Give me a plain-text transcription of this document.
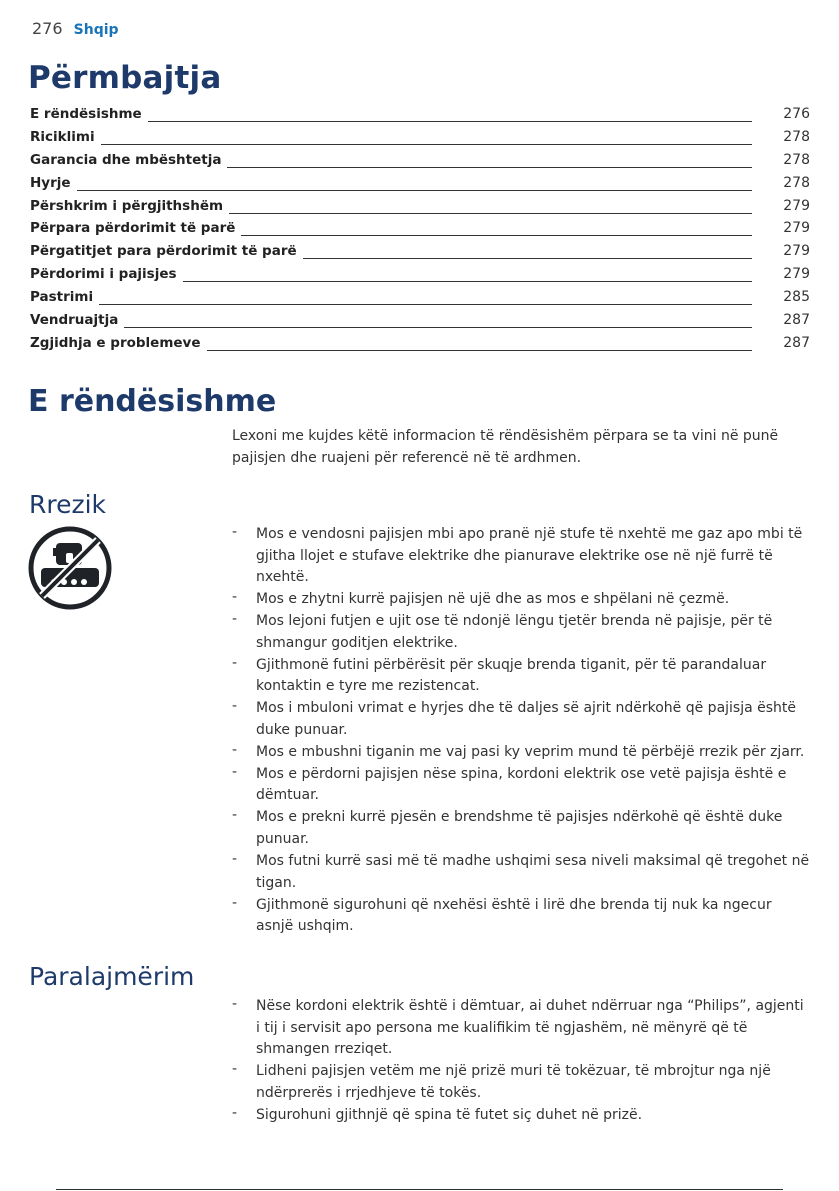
276 Shqip
Përmbajtja
E rëndësishme	276
Riciklimi	278
Garancia dhe mbështetja	278
Hyrje	278
Përshkrim i përgjithshëm	279
Përpara përdorimit të parë	279
Përgatitjet para përdorimit të parë	279
Përdorimi i pajisjes	279
Pastrimi	285
Vendruajtja	287
Zgjidhja e problemeve	287
E rëndësishme
Lexoni me kujdes këtë informacion të rëndësishëm përpara se ta vini në punë pajisjen dhe ruajeni për referencë në të ardhmen.
Rrezik
- Mos e vendosni pajisjen mbi apo pranë një stufe të nxehtë me gaz apo mbi të gjitha llojet e stufave elektrike dhe pianurave elektrike ose në një furrë të nxehtë.
- Mos e zhytni kurrë pajisjen në ujë dhe as mos e shpëlani në çezmë.
- Mos lejoni futjen e ujit ose të ndonjë lëngu tjetër brenda në pajisje, për të shmangur goditjen elektrike.
- Gjithmonë futini përbërësit për skuqje brenda tiganit, për të parandaluar kontaktin e tyre me rezistencat.
- Mos i mbuloni vrimat e hyrjes dhe të daljes së ajrit ndërkohë që pajisja është duke punuar.
- Mos e mbushni tiganin me vaj pasi ky veprim mund të përbëjë rrezik për zjarr.
- Mos e përdorni pajisjen nëse spina, kordoni elektrik ose vetë pajisja është e dëmtuar.
- Mos e prekni kurrë pjesën e brendshme të pajisjes ndërkohë që është duke punuar.
- Mos futni kurrë sasi më të madhe ushqimi sesa niveli maksimal që tregohet në tigan.
- Gjithmonë sigurohuni që nxehësi është i lirë dhe brenda tij nuk ka ngecur asnjë ushqim.
Paralajmërim
- Nëse kordoni elektrik është i dëmtuar, ai duhet ndërruar nga “Philips”, agjenti i tij i servisit apo persona me kualifikim të ngjashëm, në mënyrë që të shmangen rreziqet.
- Lidheni pajisjen vetëm me një prizë muri të tokëzuar, të mbrojtur nga një ndërprerës i rrjedhjeve të tokës.
- Sigurohuni gjithnjë që spina të futet siç duhet në prizë.
